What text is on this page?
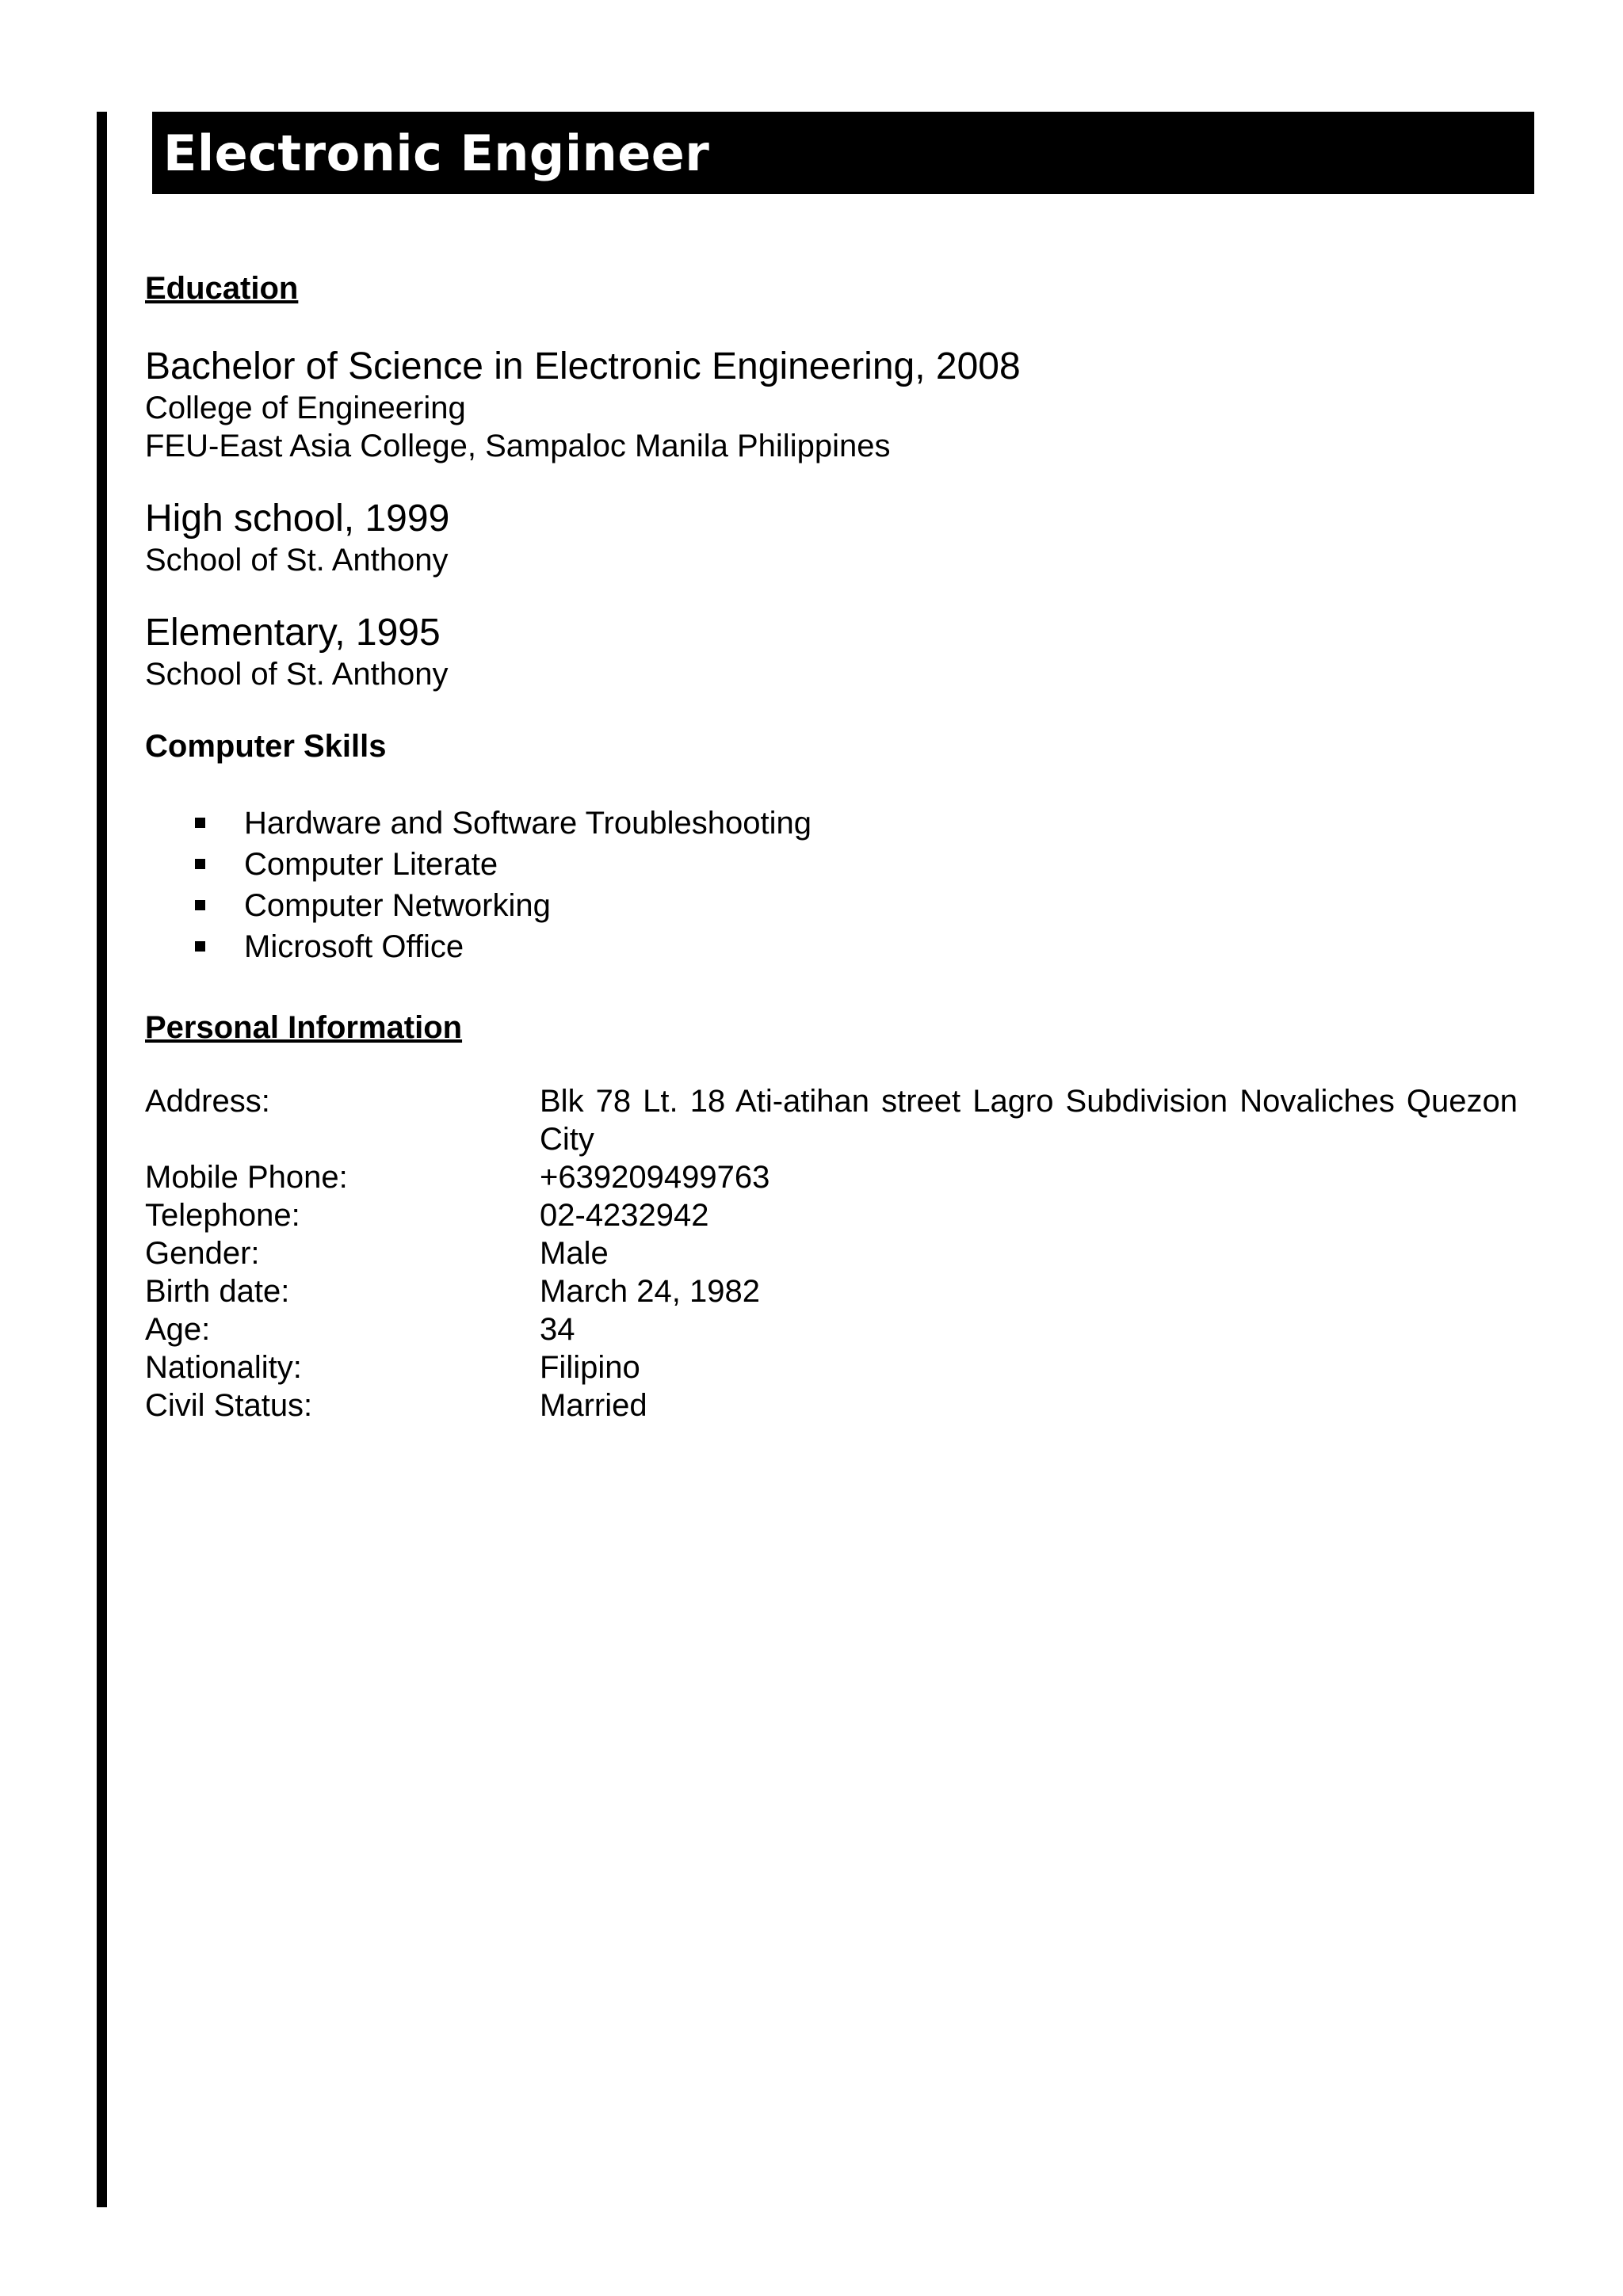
Electronic Engineer

Education

Bachelor of Science in Electronic Engineering, 2008

College of Engineering

FEU-East Asia College, Sampaloc Manila Philippines

High school, 1999

School of St. Anthony

Elementary, 1995

School of St. Anthony

Computer Skills

Hardware and Software Troubleshooting
Computer Literate
Computer Networking
Microsoft Office

Personal Information

Address:	Blk 78 Lt. 18 Ati-atihan street Lagro Subdivision Novaliches Quezon City
Mobile Phone:	+639209499763
Telephone:	02-4232942
Gender:	Male
Birth date:	March 24, 1982
Age:	34
Nationality:	Filipino
Civil Status:	Married
